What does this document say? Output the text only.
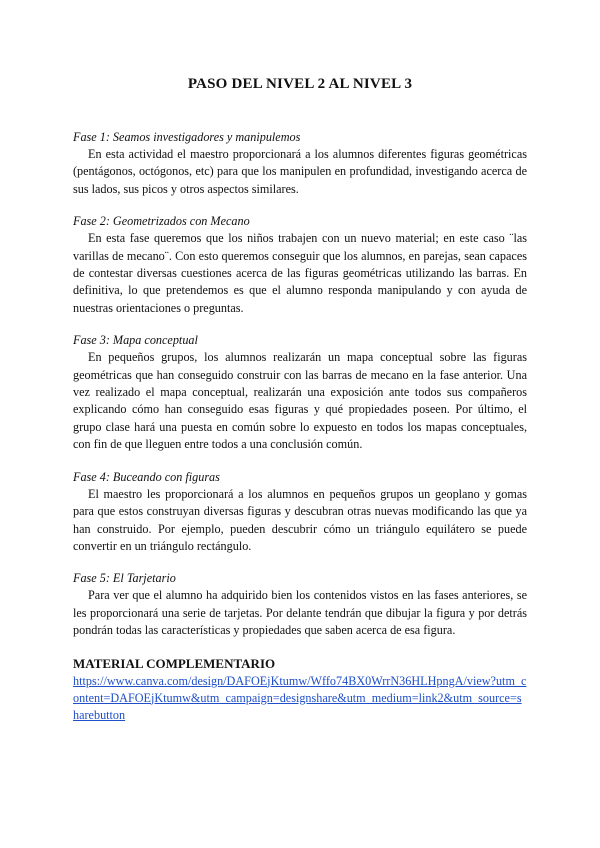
PASO DEL NIVEL 2 AL NIVEL 3

Fase 1: Seamos investigadores y manipulemos

En esta actividad el maestro proporcionará a los alumnos diferentes figuras geométricas (pentágonos, octógonos, etc) para que los manipulen en profundidad, investigando acerca de sus lados, sus picos y otros aspectos similares.

Fase 2: Geometrizados con Mecano

En esta fase queremos que los niños trabajen con un nuevo material; en este caso ¨las varillas de mecano¨. Con esto queremos conseguir que los alumnos, en parejas, sean capaces de contestar diversas cuestiones acerca de las figuras geométricas utilizando las barras. En definitiva, lo que pretendemos es que el alumno responda manipulando y con ayuda de nuestras orientaciones o preguntas.

Fase 3: Mapa conceptual

En pequeños grupos, los alumnos realizarán un mapa conceptual sobre las figuras geométricas que han conseguido construir con las barras de mecano en la fase anterior. Una vez realizado el mapa conceptual, realizarán una exposición ante todos sus compañeros explicando cómo han conseguido esas figuras y qué propiedades poseen. Por último, el grupo clase hará una puesta en común sobre lo expuesto en todos los mapas conceptuales, con fin de que lleguen entre todos a una conclusión común.

Fase 4: Buceando con figuras

El maestro les proporcionará a los alumnos en pequeños grupos un geoplano y gomas para que estos construyan diversas figuras y descubran otras nuevas modificando las que ya han construido. Por ejemplo, pueden descubrir cómo un triángulo equilátero se puede convertir en un triángulo rectángulo.

Fase 5: El Tarjetario

Para ver que el alumno ha adquirido bien los contenidos vistos en las fases anteriores, se les proporcionará una serie de tarjetas. Por delante tendrán que dibujar la figura y por detrás pondrán todas las características y propiedades que saben acerca de esa figura.

MATERIAL COMPLEMENTARIO

https://www.canva.com/design/DAFOEjKtumw/Wffo74BX0WrrN36HLHpngA/view?utm_content=DAFOEjKtumw&utm_campaign=designshare&utm_medium=link2&utm_source=sharebutton
